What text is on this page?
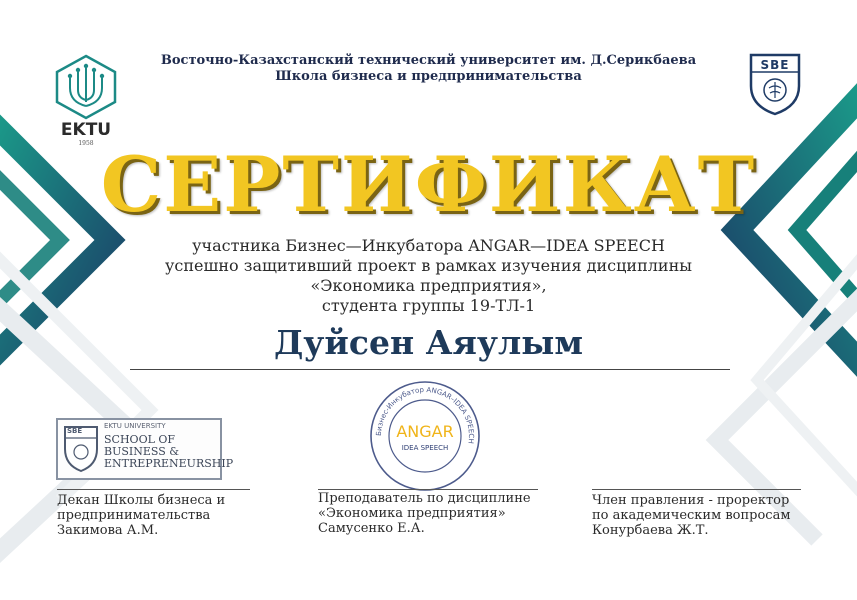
EKTU
1958
SBE
Восточно-Казахстанский технический университет им. Д.Серикбаева
Школа бизнеса и предпринимательства
СЕРТИФИКАТ
участника Бизнес—Инкубатора ANGAR—IDEA SPEECH
успешно защитивший проект в рамках изучения дисциплины
«Экономика предприятия»,
студента группы 19-ТЛ-1
Дуйсен Аяулым
SBE
EKTU UNIVERSITY
SCHOOL OF
BUSINESS &
ENTREPRENEURSHIP
Бизнес-Инкубатор ANGAR–IDEA SPEECH
ANGAR
IDEA SPEECH
Декан Школы бизнеса и
предпринимательства
Закимова А.М.
Преподаватель по дисциплине
«Экономика предприятия»
Самусенко Е.А.
Член правления - проректор
по академическим вопросам
Конурбаева Ж.Т.
